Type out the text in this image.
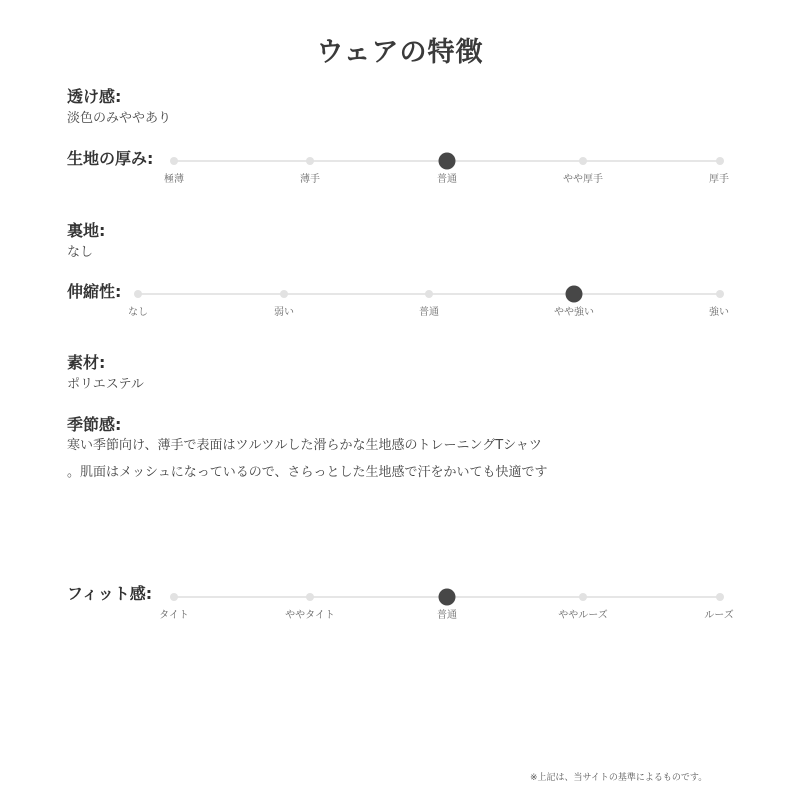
ウェアの特徴
透け感:
淡色のみややあり
生地の厚み:
極薄	薄手	普通	やや厚手	厚手
裏地:
なし
伸縮性:
なし	弱い	普通	やや強い	強い
素材:
ポリエステル
季節感:
寒い季節向け、薄手で表面はツルツルした滑らかな生地感のトレーニングTシャツ
。肌面はメッシュになっているので、さらっとした生地感で汗をかいても快適です
フィット感:
タイト	ややタイト	普通	ややルーズ	ルーズ
※上記は、当サイトの基準によるものです。
